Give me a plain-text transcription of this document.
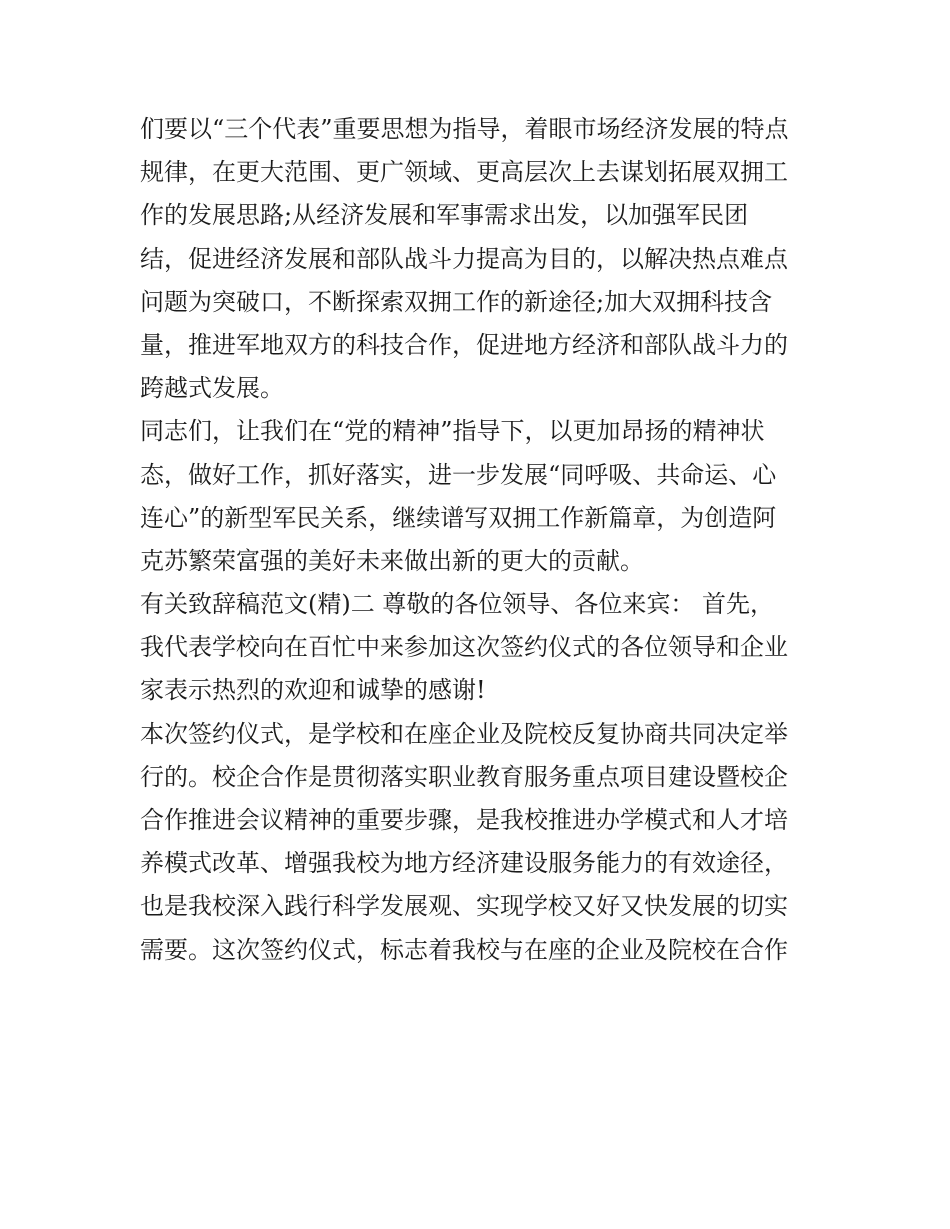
们要以“三个代表”重要思想为指导，着眼市场经济发展的特点
规律，在更大范围、更广领域、更高层次上去谋划拓展双拥工
作的发展思路;从经济发展和军事需求出发，以加强军民团
结，促进经济发展和部队战斗力提高为目的，以解决热点难点
问题为突破口，不断探索双拥工作的新途径;加大双拥科技含
量，推进军地双方的科技合作，促进地方经济和部队战斗力的
跨越式发展。
同志们，让我们在“党的精神”指导下，以更加昂扬的精神状
态，做好工作，抓好落实，进一步发展“同呼吸、共命运、心
连心”的新型军民关系，继续谱写双拥工作新篇章，为创造阿
克苏繁荣富强的美好未来做出新的更大的贡献。
有关致辞稿范文(精)二 尊敬的各位领导、各位来宾： 首先，
我代表学校向在百忙中来参加这次签约仪式的各位领导和企业
家表示热烈的欢迎和诚挚的感谢!
本次签约仪式，是学校和在座企业及院校反复协商共同决定举
行的。校企合作是贯彻落实职业教育服务重点项目建设暨校企
合作推进会议精神的重要步骤，是我校推进办学模式和人才培
养模式改革、增强我校为地方经济建设服务能力的有效途径，
也是我校深入践行科学发展观、实现学校又好又快发展的切实
需要。这次签约仪式，标志着我校与在座的企业及院校在合作
